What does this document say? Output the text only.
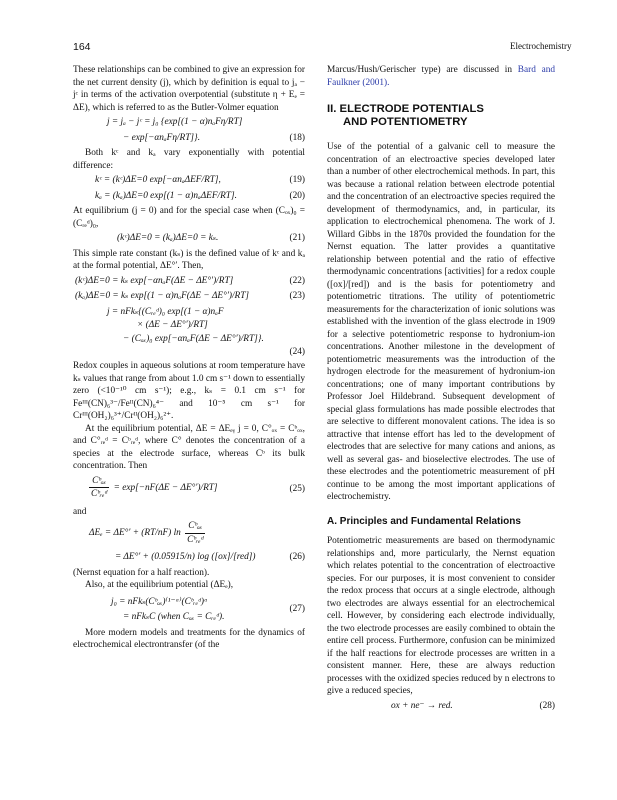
164	Electrochemistry

These relationships can be combined to give an expression for the net current density (j), which by definition is equal to jₐ − jᶜ in terms of the activation overpotential (substitute η + Eₑ = ΔE), which is referred to as the Butler-Volmer equation

j = jₐ − jᶜ = j₀ {exp[(1 − α)nₐFη/RT]
− exp[−αnₐFη/RT]}.	(18)

Both kᶜ and kₐ vary exponentially with potential difference:

kᶜ = (kᶜ)ΔE=0 exp[−αnₐΔEF/RT],	(19)
kₐ = (kₐ)ΔE=0 exp[(1 − α)nₐΔEF/RT].	(20)

At equilibrium (j = 0) and for the special case when (Cₒₓ)₀ = (Cᵣₑᵈ)₀,

(kᶜ)ΔE=0 = (kₐ)ΔE=0 = kₛ.	(21)

This simple rate constant (kₛ) is the defined value of kᶜ and kₐ at the formal potential, ΔE°′. Then,

(kᶜ)ΔE=0 = kₛ exp[−αnₐF(ΔE − ΔE°′)/RT]	(22)
(kₐ)ΔE=0 = kₛ exp[(1 − α)nₐF(ΔE − ΔE°′)/RT]	(23)
j = nFkₛ{(Cᵣₑᵈ)₀ exp[(1 − α)nₐF
× (ΔE − ΔE°′)/RT]
− (Cₒₓ)₀ exp[−αnₐF(ΔE − ΔE°′)/RT]}.
(24)

Redox couples in aqueous solutions at room temperature have kₛ values that range from about 1.0 cm s⁻¹ down to essentially zero (<10⁻¹⁰ cm s⁻¹); e.g., kₛ = 0.1 cm s⁻¹ for Feᴵᴵᴵ(CN)₆³⁻/Feᴵᴵ(CN)₆⁴⁻ and 10⁻⁵ cm s⁻¹ for Crᴵᴵᴵ(OH₂)₆³⁺/Crᴵᴵ(OH₂)₆²⁺.

At the equilibrium potential, ΔE = ΔEₑᵧ j = 0, C°ₒₓ = Cᵇₒₓ, and C°ᵣₑᵈ = Cᵇᵣₑᵈ, where C° denotes the concentration of a species at the electrode surface, whereas Cᵇ its bulk concentration. Then

$\frac{\text{Cᵇₒₓ}}{\text{Cᵇᵣₑᵈ}} = \exp[-nF(\Delta E - \Delta E^\circ')/RT]$	(25)

and

ΔEₑ = ΔE°′ + (RT/nF) $\ln \frac{\text{Cᵇₒₓ}}{\text{Cᵇᵣₑᵈ}}$
= ΔE°′ + (0.05915/n) log ([ox]/[red])	(26)

(Nernst equation for a half reaction).

Also, at the equilibrium potential (ΔEₑ),

j₀ = nFkₛ(Cᵇₒₓ)⁽¹⁻ᵅ⁾(Cᵇᵣₑᵈ)ᵅ
= nFkₛC (when Cₒₓ = Cᵣₑᵈ).
(27)

More modern models and treatments for the dynamics of electrochemical electrontransfer (of the

Marcus/Hush/Gerischer type) are discussed in Bard and Faulkner (2001).

II. ELECTRODE POTENTIALS
AND POTENTIOMETRY

Use of the potential of a galvanic cell to measure the concentration of an electroactive species developed later than a number of other electrochemical methods. In part, this was because a rational relation between electrode potential and the concentration of an electroactive species required the development of thermodynamics, and, in particular, its application to electrochemical phenomena. The work of J. Willard Gibbs in the 1870s provided the foundation for the Nernst equation. The latter provides a quantitative relationship between potential and the ratio of effective thermodynamic concentrations [activities] for a redox couple ([ox]/[red]) and is the basis for potentiometry and potentiometric titrations. The utility of potentiometric measurements for the characterization of ionic solutions was established with the invention of the glass electrode in 1909 for a selective potentiometric response to hydronium-ion concentrations. Another milestone in the development of potentiometric measurements was the introduction of the hydrogen electrode for the measurement of hydronium-ion concentrations; one of many important contributions by Professor Joel Hildebrand. Subsequent development of special glass formulations has made possible electrodes that are selective to different monovalent cations. The idea is so attractive that intense effort has led to the development of electrodes that are selective for many cations and anions, as well as several gas- and bioselective electrodes. The use of these electrodes and the potentiometric measurement of pH continue to be among the most important applications of electrochemistry.

A. Principles and Fundamental Relations

Potentiometric measurements are based on thermodynamic relationships and, more particularly, the Nernst equation which relates potential to the concentration of electroactive species. For our purposes, it is most convenient to consider the redox process that occurs at a single electrode, although two electrodes are always essential for an electrochemical cell. However, by considering each electrode individually, the two electrode processes are easily combined to obtain the entire cell process. Furthermore, confusion can be minimized if the half reactions for electrode processes are written in a consistent manner. Here, these are always reduction processes with the oxidized species reduced by n electrons to give a reduced species,

ox + ne⁻ → red.	(28)
